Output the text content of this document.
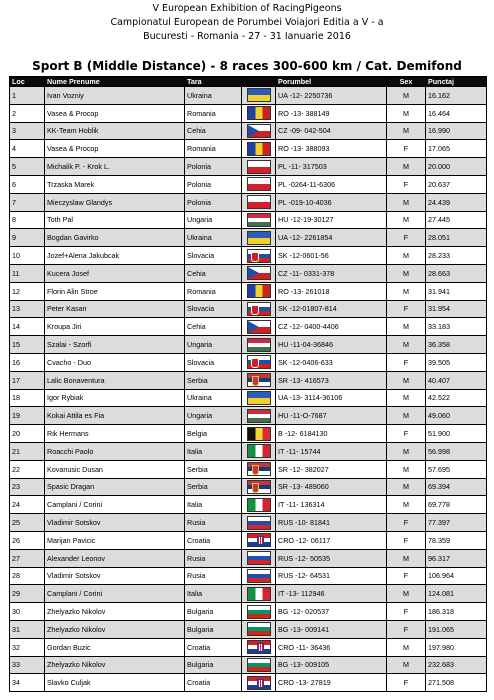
V European Exhibition of RacingPigeons
Campionatul European de Porumbei Voiajori Editia a V - a
Bucuresti - Romania - 27 - 31 Ianuarie 2016
Sport B (Middle Distance) - 8 races 300-600 km / Cat. Demifond
Loc	Nume Prenume	Tara		Porumbel	Sex	Punctaj
1	Ivan Vozniy	Ukraina		UA -12- 2250736	M	16.162
2	Vasea & Procop	Romania		RO -13- 388149	M	16.464
3	KK-Team Hoblik	Cehia		CZ -09- 042-504	M	16.990
4	Vasea & Procop	Romania		RO -13- 388093	F	17.065
5	Michalik P. - Krok L.	Polonia		PL -11- 317503	M	20.000
6	Trzaska Marek	Polonia		PL -0264-11-6306	F	20.637
7	Mieczyslaw Glandys	Polonia		PL -019-10-4036	M	24.439
8	Toth Pal	Ungaria		HU -12-19-30127	M	27.445
9	Bogdan Gavirko	Ukraina		UA -12- 2261854	F	28.051
10	Jozef+Alena Jakubcak	Slovacia		SK -12-0601-56	M	28.233
11	Kucera Josef	Cehia		CZ -11- 0331-378	M	28.663
12	Florin Alin Stroe	Romania		RO -13- 261018	M	31.941
13	Peter Kasan	Slovacia		SK -12-01807-814	F	31.954
14	Kroupa Jiri	Cehia		CZ -12- 0400-4406	M	33.183
15	Szalai - Szorfi	Ungaria		HU -11-04-36846	M	36.358
16	Cvacho - Duo	Slovacia		SK -12-0406-633	F	39.505
17	Lalic Bonaventura	Serbia		SR -13- 416573	M	40.407
18	Igor Rybiak	Ukraina		UA -13- 3114-36106	M	42.522
19	Kokai Attila es Fia	Ungaria		HU -11-O-7687	M	49.060
20	Rik Hermans	Belgia		B -12- 6184130	F	51.900
21	Roacchi Paolo	Italia		IT -11- 15744	M	56.998
22	Kovanusic Dusan	Serbia		SR -12- 382027	M	57.695
23	Spasic Dragan	Serbia		SR -13- 489060	M	69.394
24	Camplani / Corini	Italia		IT -11- 136314	M	69.778
25	Vladimir Sotskov	Rusia		RUS -10- 81841	F	77.397
26	Marijan Pavicic	Croatia		CRO -12- 06117	F	78.359
27	Alexander Leonov	Rusia		RUS -12- 50535	M	96.317
28	Vladimir Sotskov	Rusia		RUS -12- 64531	F	106.964
29	Camplani / Corini	Italia		IT -13- 112946	M	124.081
30	Zhelyazko Nikolov	Bulgaria		BG -12- 020537	F	186.318
31	Zhelyazko Nikolov	Bulgaria		BG -13- 009141	F	191.065
32	Gordan Buzic	Croatia		CRO -11- 36436	M	197.980
33	Zhelyazko Nikolov	Bulgaria		BG -13- 009105	M	232.683
34	Slavko Culjak	Croatia		CRO -13- 27819	F	271.508
